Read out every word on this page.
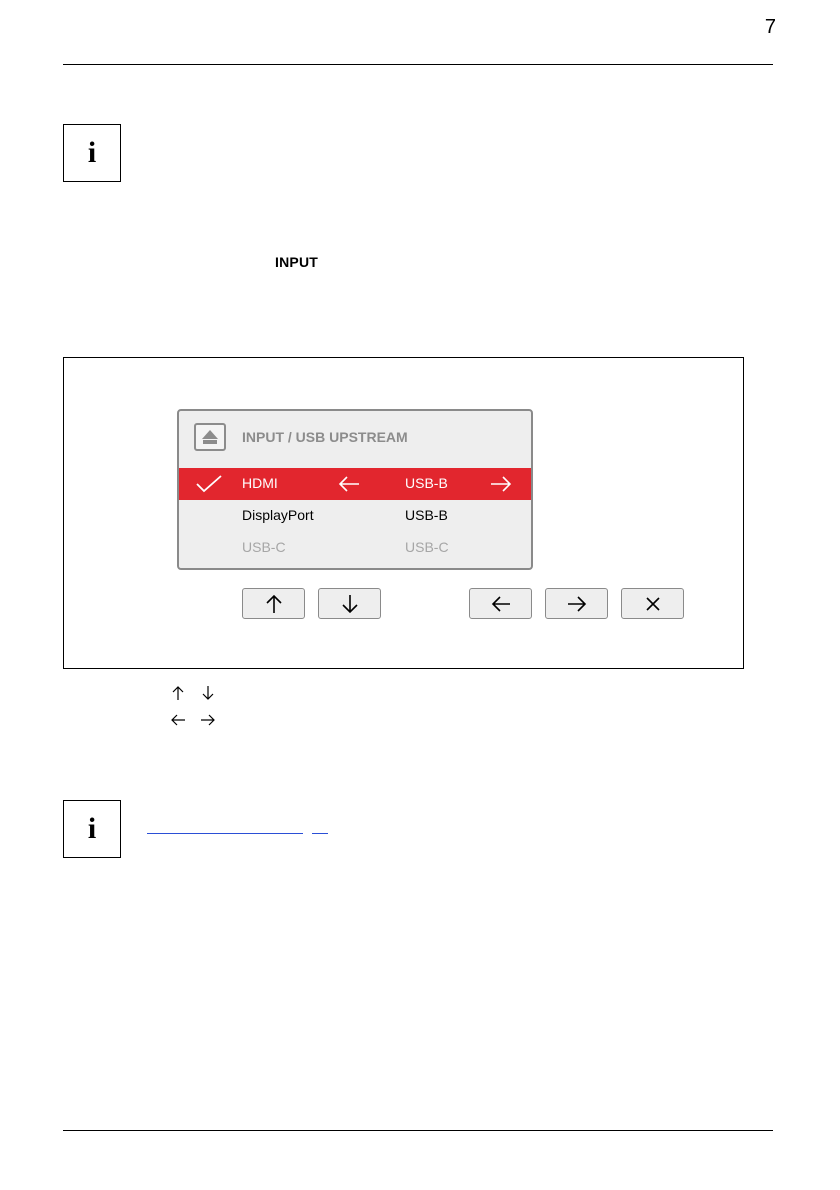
7
i
INPUT
INPUT / USB UPSTREAM
HDMI	USB-B
DisplayPort	USB-B
USB-C	USB-C
i
